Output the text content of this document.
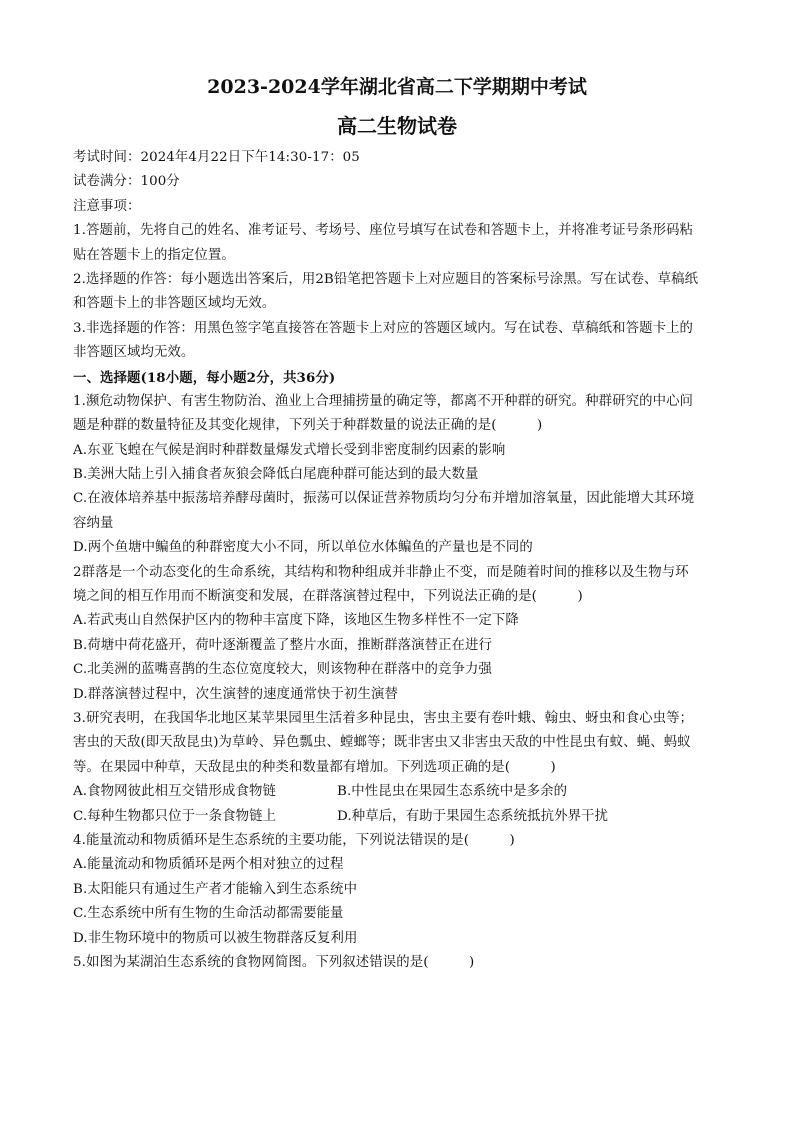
2023-2024学年湖北省高二下学期期中考试
高二生物试卷
考试时间：2024年4月22日下午14:30-17：05
试卷满分：100分
注意事项：
1.答题前，先将自己的姓名、准考证号、考场号、座位号填写在试卷和答题卡上，并将准考证号条形码粘
贴在答题卡上的指定位置。
2.选择题的作答：每小题选出答案后，用2B铅笔把答题卡上对应题目的答案标号涂黑。写在试卷、草稿纸
和答题卡上的非答题区域均无效。
3.非选择题的作答：用黑色签字笔直接答在答题卡上对应的答题区域内。写在试卷、草稿纸和答题卡上的
非答题区域均无效。
一、选择题(18小题，每小题2分，共36分)
1.濒危动物保护、有害生物防治、渔业上合理捕捞量的确定等，都离不开种群的研究。种群研究的中心问
题是种群的数量特征及其变化规律，下列关于种群数量的说法正确的是(　　　)
A.东亚飞蝗在气候是润时种群数量爆发式增长受到非密度制约因素的影响
B.美洲大陆上引入捕食者灰狼会降低白尾鹿种群可能达到的最大数量
C.在液体培养基中振荡培养酵母菌时，振荡可以保证营养物质均匀分布并增加溶氧量，因此能增大其环境
容纳量
D.两个鱼塘中鳊鱼的种群密度大小不同，所以单位水体鳊鱼的产量也是不同的
2群落是一个动态变化的生命系统，其结构和物种组成并非静止不变，而是随着时间的推移以及生物与环
境之间的相互作用而不断演变和发展，在群落演替过程中，下列说法正确的是(　　　)
A.若武夷山自然保护区内的物种丰富度下降，该地区生物多样性不一定下降
B.荷塘中荷花盛开，荷叶逐渐覆盖了整片水面，推断群落演替正在进行
C.北美洲的蓝嘴喜鹊的生态位宽度较大，则该物种在群落中的竞争力强
D.群落演替过程中，次生演替的速度通常快于初生演替
3.研究表明，在我国华北地区某苹果园里生活着多种昆虫，害虫主要有卷叶蛾、翰虫、蚜虫和食心虫等；
害虫的天敌(即天敌昆虫)为草岭、异色瓢虫、螳螂等；既非害虫又非害虫天敌的中性昆虫有蚊、蝇、蚂蚁
等。在果园中种草，天敌昆虫的种类和数量都有增加。下列选项正确的是(　　　)
A.食物网彼此相互交错形成食物链	B.中性昆虫在果园生态系统中是多余的
C.每种生物都只位于一条食物链上	D.种草后，有助于果园生态系统抵抗外界干扰
4.能量流动和物质循环是生态系统的主要功能，下列说法错误的是(　　　)
A.能量流动和物质循环是两个相对独立的过程
B.太阳能只有通过生产者才能输入到生态系统中
C.生态系统中所有生物的生命活动都需要能量
D.非生物环境中的物质可以被生物群落反复利用
5.如图为某湖泊生态系统的食物网简图。下列叙述错误的是(　　　)
